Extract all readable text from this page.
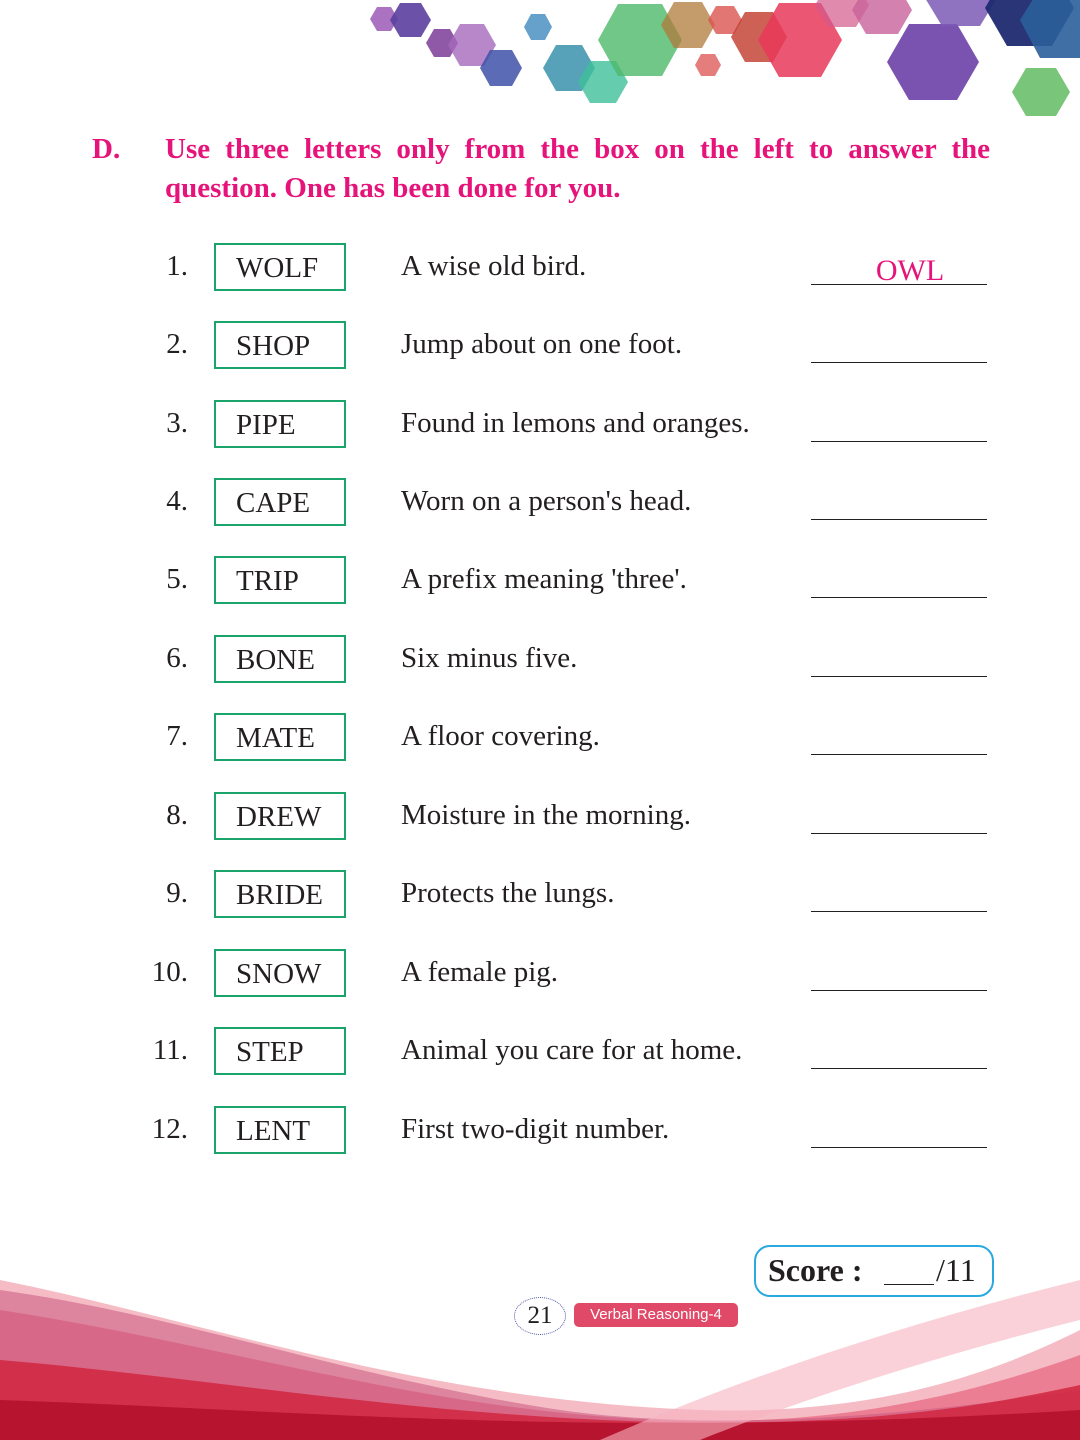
D. Use three letters only from the box on the left to answer the question. One has been done for you.
1. WOLF	A wise old bird.	OWL
2. SHOP	Jump about on one foot.
3. PIPE	Found in lemons and oranges.
4. CAPE	Worn on a person's head.
5. TRIP	A prefix meaning 'three'.
6. BONE	Six minus five.
7. MATE	A floor covering.
8. DREW	Moisture in the morning.
9. BRIDE	Protects the lungs.
10. SNOW	A female pig.
11. STEP	Animal you care for at home.
12. LENT	First two-digit number.
Score : /11
21	Verbal Reasoning-4
